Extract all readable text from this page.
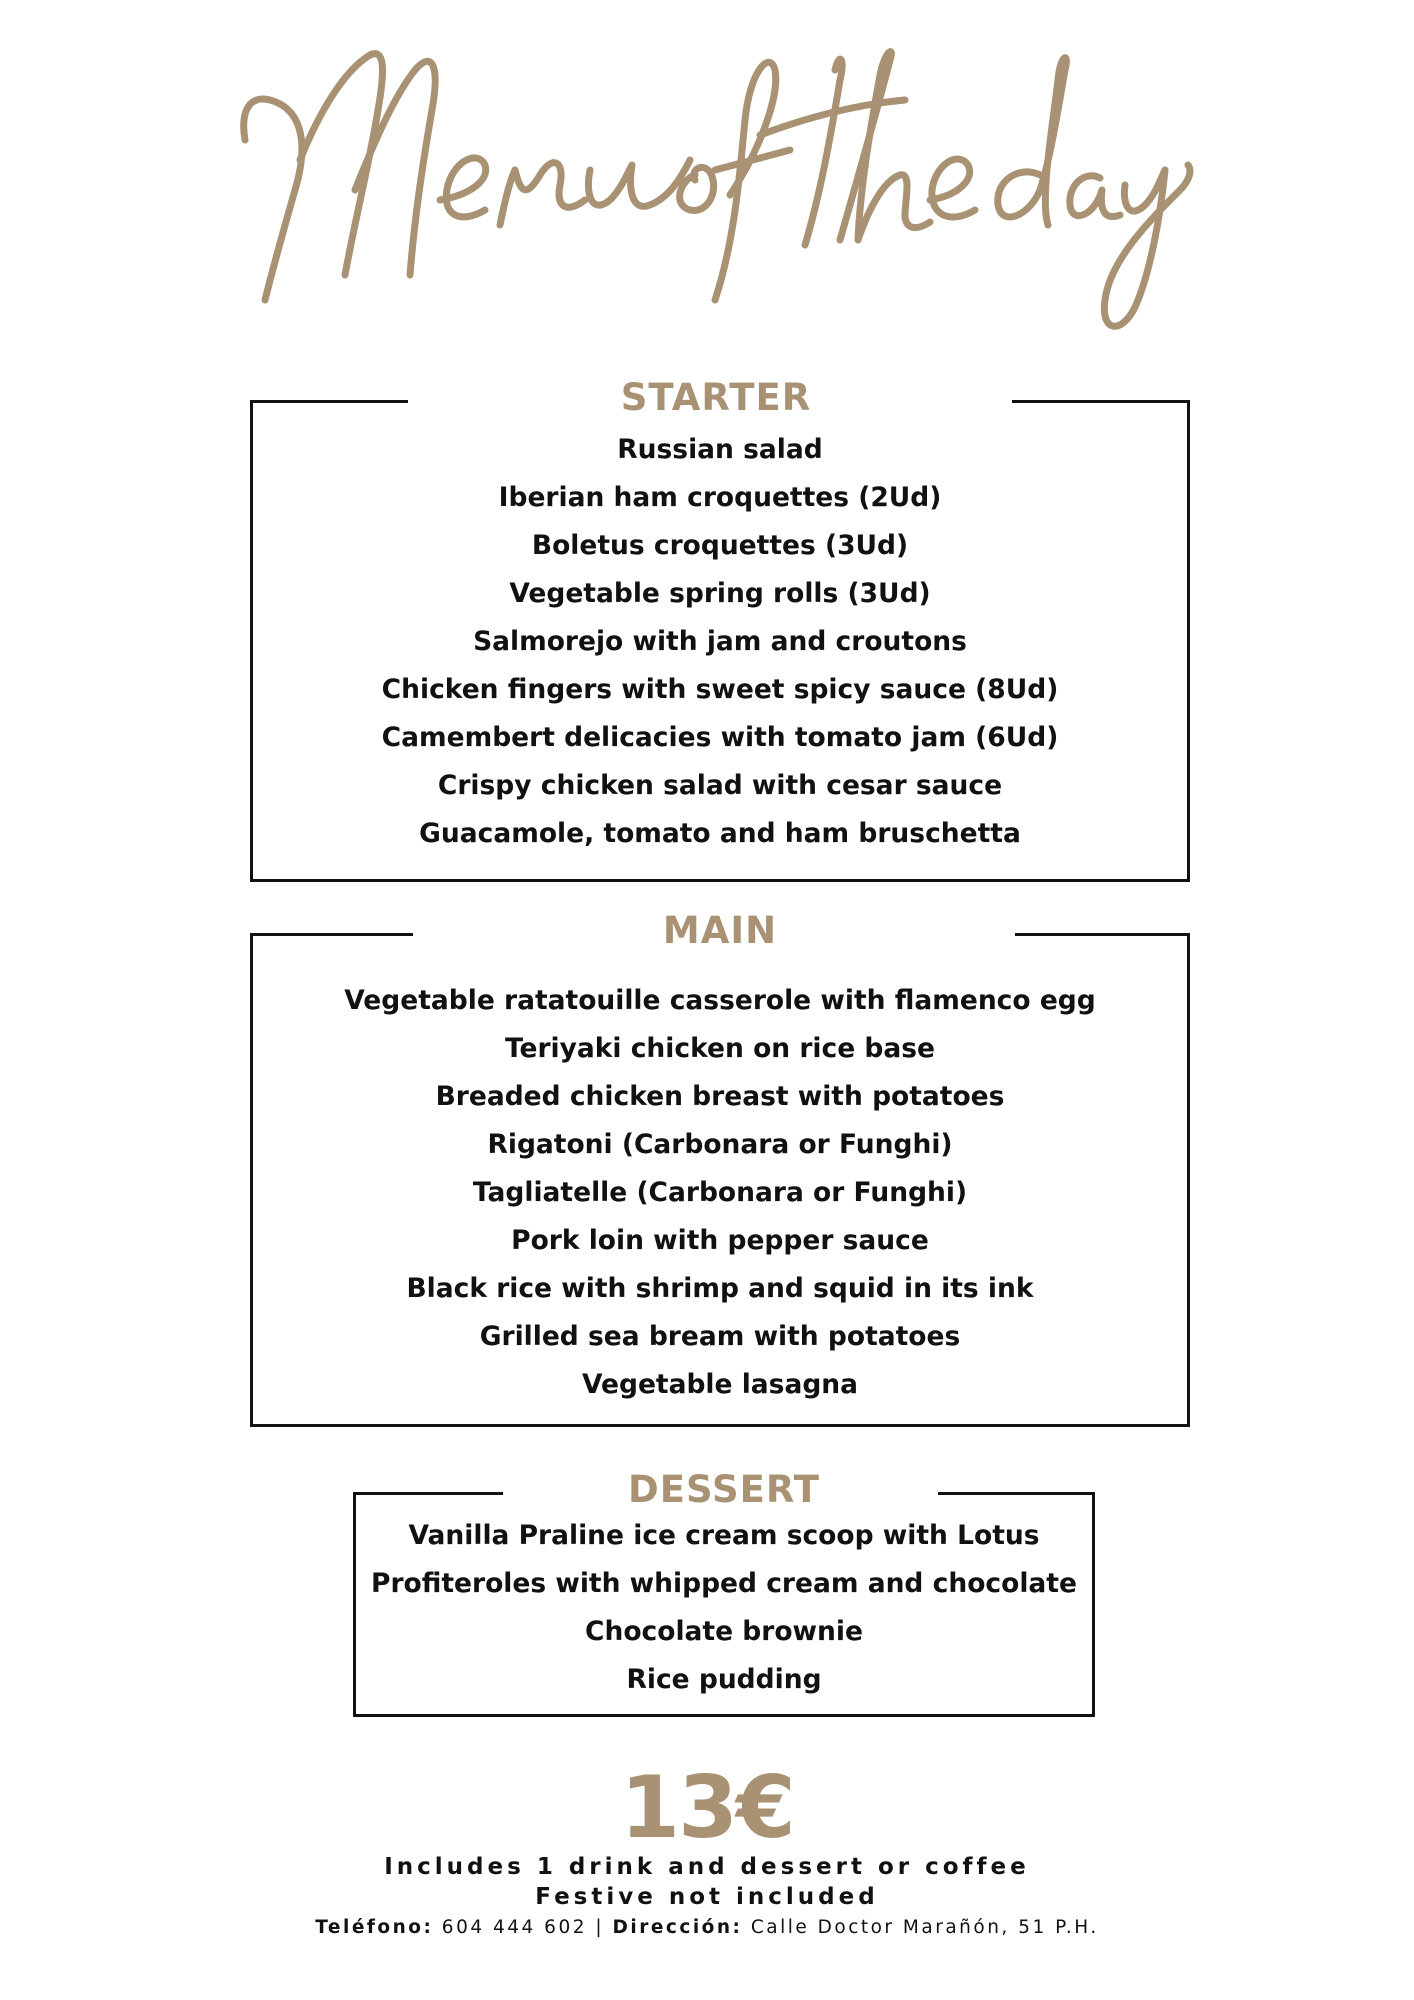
STARTER
Russian salad
Iberian ham croquettes (2Ud)
Boletus croquettes (3Ud)
Vegetable spring rolls (3Ud)
Salmorejo with jam and croutons
Chicken fingers with sweet spicy sauce (8Ud)
Camembert delicacies with tomato jam (6Ud)
Crispy chicken salad with cesar sauce
Guacamole, tomato and ham bruschetta
MAIN
Vegetable ratatouille casserole with flamenco egg
Teriyaki chicken on rice base
Breaded chicken breast with potatoes
Rigatoni (Carbonara or Funghi)
Tagliatelle (Carbonara or Funghi)
Pork loin with pepper sauce
Black rice with shrimp and squid in its ink
Grilled sea bream with potatoes
Vegetable lasagna
DESSERT
Vanilla Praline ice cream scoop with Lotus
Profiteroles with whipped cream and chocolate
Chocolate brownie
Rice pudding
13€
Includes 1 drink and dessert or coffee
Festive not included
Teléfono: 604 444 602 | Dirección: Calle Doctor Marañón, 51 P.H.
